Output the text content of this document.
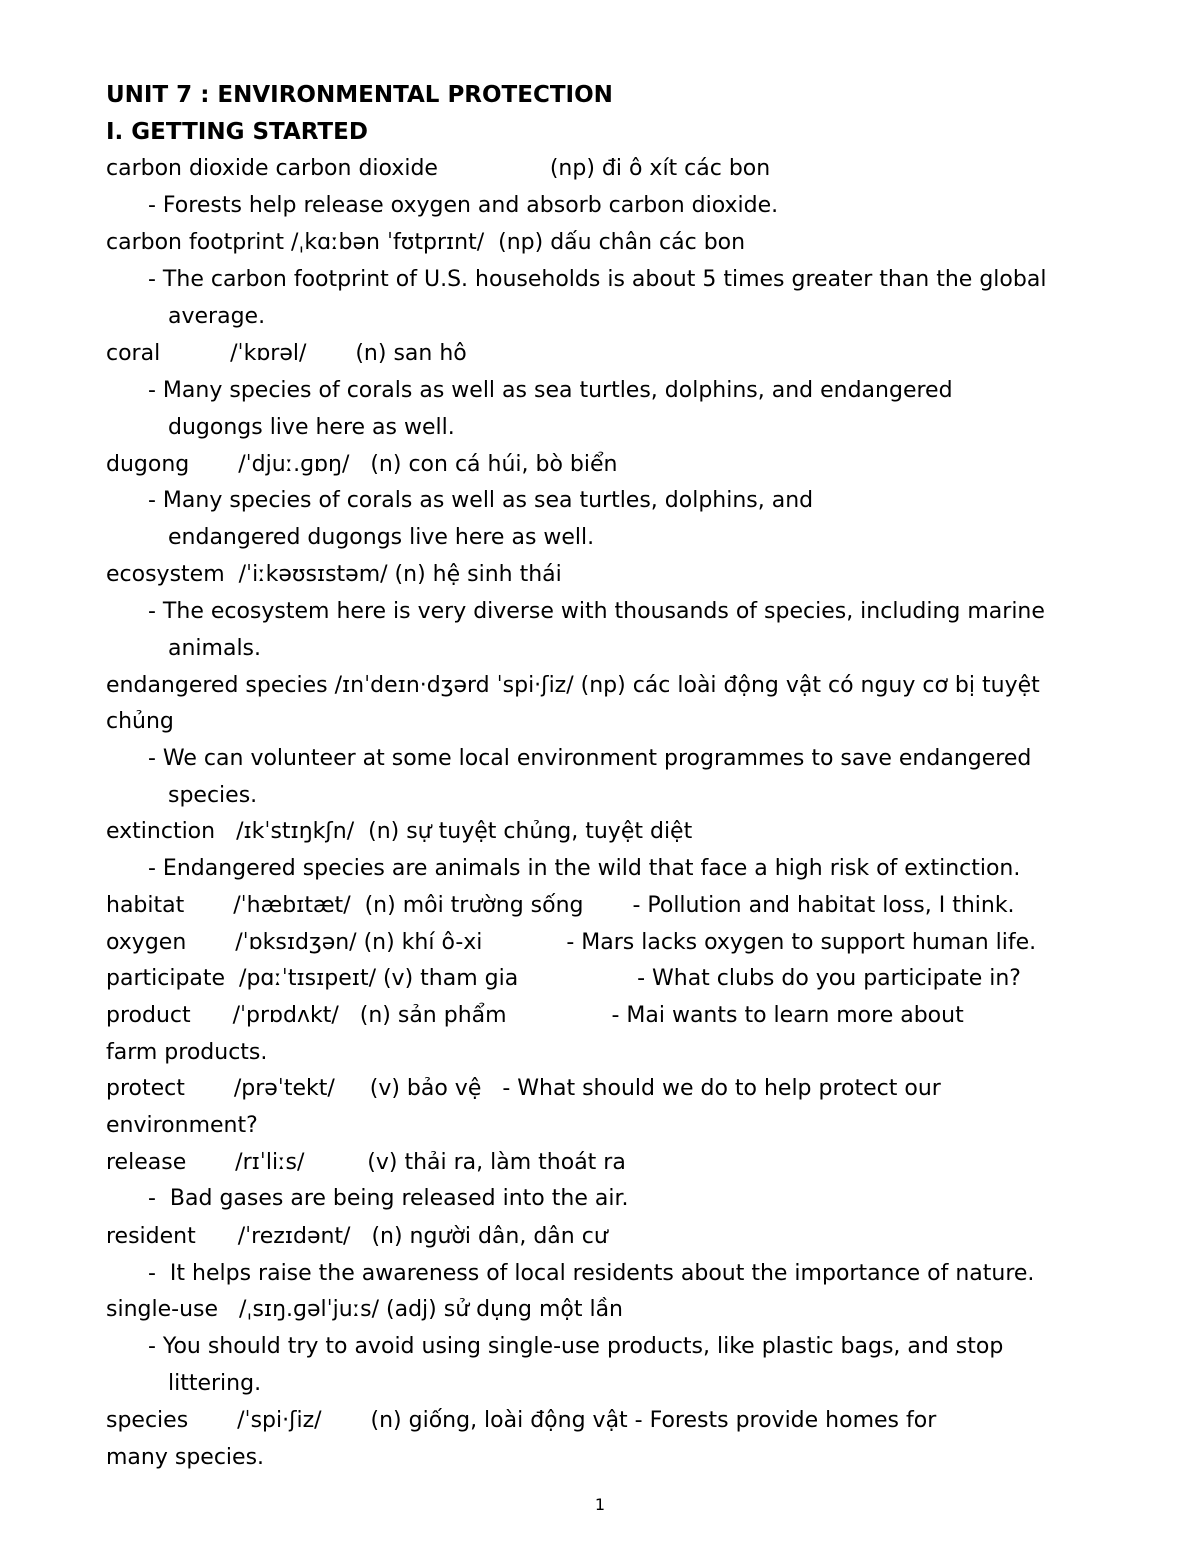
UNIT 7 : ENVIRONMENTAL PROTECTION
I. GETTING STARTED
carbon dioxide carbon dioxide                (np) đi ô xít các bon
- Forests help release oxygen and absorb carbon dioxide.
carbon footprint /ˌkɑːbən ˈfʊtprɪnt/  (np) dấu chân các bon
- The carbon footprint of U.S. households is about 5 times greater than the global
average.
coral          /ˈkɒrəl/       (n) san hô
- Many species of corals as well as sea turtles, dolphins, and endangered
dugongs live here as well.
dugong       /ˈdjuː.ɡɒŋ/   (n) con cá húi, bò biển
- Many species of corals as well as sea turtles, dolphins, and
endangered dugongs live here as well.
ecosystem  /ˈiːkəʊsɪstəm/ (n) hệ sinh thái
- The ecosystem here is very diverse with thousands of species, including marine
animals.
endangered species /ɪnˈdeɪn·dʒərd ˈspi·ʃiz/ (np) các loài động vật có nguy cơ bị tuyệt
chủng
- We can volunteer at some local environment programmes to save endangered
species.
extinction   /ɪkˈstɪŋkʃn/  (n) sự tuyệt chủng, tuyệt diệt
- Endangered species are animals in the wild that face a high risk of extinction.
habitat       /ˈhæbɪtæt/  (n) môi trường sống       - Pollution and habitat loss, I think.
oxygen       /ˈɒksɪdʒən/ (n) khí ô-xi            - Mars lacks oxygen to support human life.
participate  /pɑːˈtɪsɪpeɪt/ (v) tham gia                 - What clubs do you participate in?
product      /ˈprɒdʌkt/   (n) sản phẩm               - Mai wants to learn more about
farm products.
protect       /prəˈtekt/     (v) bảo vệ   - What should we do to help protect our
environment?
release       /rɪˈliːs/         (v) thải ra, làm thoát ra
-  Bad gases are being released into the air.
resident      /ˈrezɪdənt/   (n) người dân, dân cư
-  It helps raise the awareness of local residents about the importance of nature.
single-use   /ˌsɪŋ.ɡəlˈjuːs/ (adj) sử dụng một lần
- You should try to avoid using single-use products, like plastic bags, and stop
littering.
species       /ˈspi·ʃiz/       (n) giống, loài động vật - Forests provide homes for
many species.
1
